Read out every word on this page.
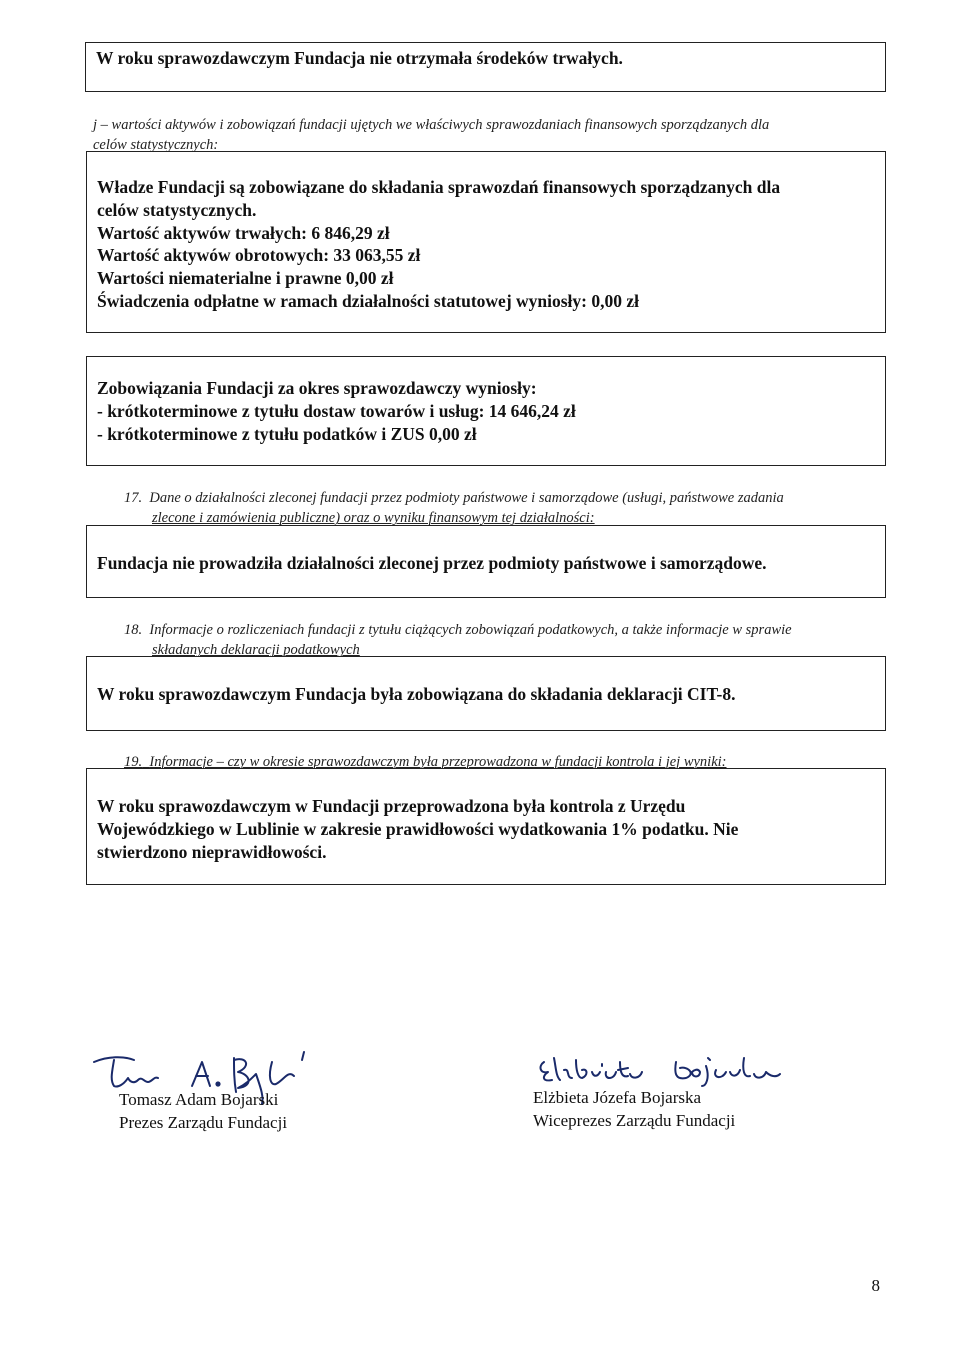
W roku sprawozdawczym Fundacja nie otrzymała środeków trwałych.
j – wartości aktywów i zobowiązań fundacji ujętych we właściwych sprawozdaniach finansowych sporządzanych dla
celów statystycznych:
Władze Fundacji są zobowiązane do składania sprawozdań finansowych sporządzanych dla
celów statystycznych.
Wartość aktywów trwałych: 6 846,29 zł
Wartość aktywów obrotowych: 33 063,55 zł
Wartości niematerialne i prawne 0,00 zł
Świadczenia odpłatne w ramach działalności statutowej wyniosły: 0,00 zł
Zobowiązania Fundacji za okres sprawozdawczy wyniosły:
- krótkoterminowe z tytułu dostaw towarów i usług: 14 646,24 zł
- krótkoterminowe z tytułu podatków i ZUS 0,00 zł
17. Dane o działalności zleconej fundacji przez podmioty państwowe i samorządowe (usługi, państwowe zadania
zlecone i zamówienia publiczne) oraz o wyniku finansowym tej działalności:
Fundacja nie prowadziła działalności zleconej przez podmioty państwowe i samorządowe.
18. Informacje o rozliczeniach fundacji z tytułu ciążących zobowiązań podatkowych, a także informacje w sprawie
składanych deklaracji podatkowych
W roku sprawozdawczym Fundacja była zobowiązana do składania deklaracji CIT-8.
19. Informacje – czy w okresie sprawozdawczym była przeprowadzona w fundacji kontrola i jej wyniki:
W roku sprawozdawczym w Fundacji przeprowadzona była kontrola z Urzędu
Wojewódzkiego w Lublinie w zakresie prawidłowości wydatkowania 1% podatku. Nie
stwierdzono nieprawidłowości.
Tomasz Adam Bojarski
Prezes Zarządu Fundacji
Elżbieta Józefa Bojarska
Wiceprezes Zarządu Fundacji
8
